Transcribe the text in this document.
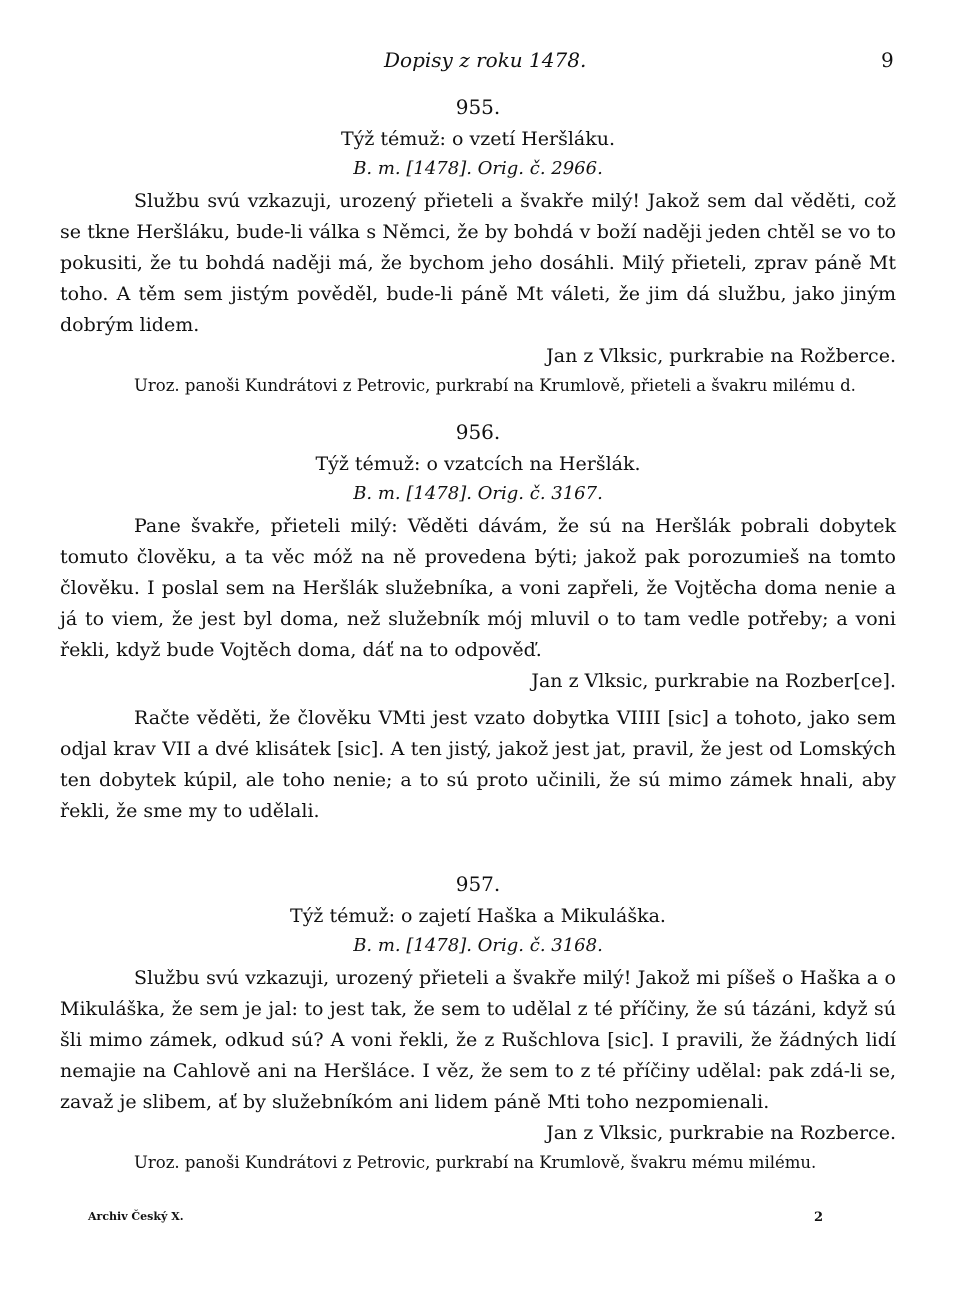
Dopisy z roku 1478.	9
955.
Týž témuž: o vzetí Heršláku.
B. m. [1478]. Orig. č. 2966.
Službu svú vzkazuji, urozený přieteli a švakře milý! Jakož sem dal věděti, což se tkne Heršláku, bude-li válka s Němci, že by bohdá v boží naději jeden chtěl se vo to pokusiti, že tu bohdá naději má, že bychom jeho dosáhli. Milý přieteli, zprav páně Mt toho. A těm sem jistým pověděl, bude-li páně Mt váleti, že jim dá službu, jako jiným dobrým lidem.
Jan z Vlksic, purkrabie na Rožberce.
Uroz. panoši Kundrátovi z Petrovic, purkrabí na Krumlově, přieteli a švakru milému d.
956.
Týž témuž: o vzatcích na Heršlák.
B. m. [1478]. Orig. č. 3167.
Pane švakře, přieteli milý: Věděti dávám, že sú na Heršlák pobrali dobytek tomuto člověku, a ta věc móž na ně provedena býti; jakož pak porozumieš na tomto člověku. I poslal sem na Heršlák služebníka, a voni zapřeli, že Vojtěcha doma nenie a já to viem, že jest byl doma, než služebník mój mluvil o to tam vedle potřeby; a voni řekli, když bude Vojtěch doma, dáť na to odpověď.
Jan z Vlksic, purkrabie na Rozber[ce].
Račte věděti, že člověku VMti jest vzato dobytka VIIII [sic] a tohoto, jako sem odjal krav VII a dvé klisátek [sic]. A ten jistý, jakož jest jat, pravil, že jest od Lomských ten dobytek kúpil, ale toho nenie; a to sú proto učinili, že sú mimo zámek hnali, aby řekli, že sme my to udělali.
957.
Týž témuž: o zajetí Haška a Mikuláška.
B. m. [1478]. Orig. č. 3168.
Službu svú vzkazuji, urozený přieteli a švakře milý! Jakož mi píšeš o Haška a o Mikuláška, že sem je jal: to jest tak, že sem to udělal z té příčiny, že sú tázáni, když sú šli mimo zámek, odkud sú? A voni řekli, že z Rušchlova [sic]. I pravili, že žádných lidí nemajie na Cahlově ani na Heršláce. I věz, že sem to z té příčiny udělal: pak zdá-li se, zavaž je slibem, ať by služebníkóm ani lidem páně Mti toho nezpomienali.
Jan z Vlksic, purkrabie na Rozberce.
Uroz. panoši Kundrátovi z Petrovic, purkrabí na Krumlově, švakru mému milému.
Archiv Český X.	2
